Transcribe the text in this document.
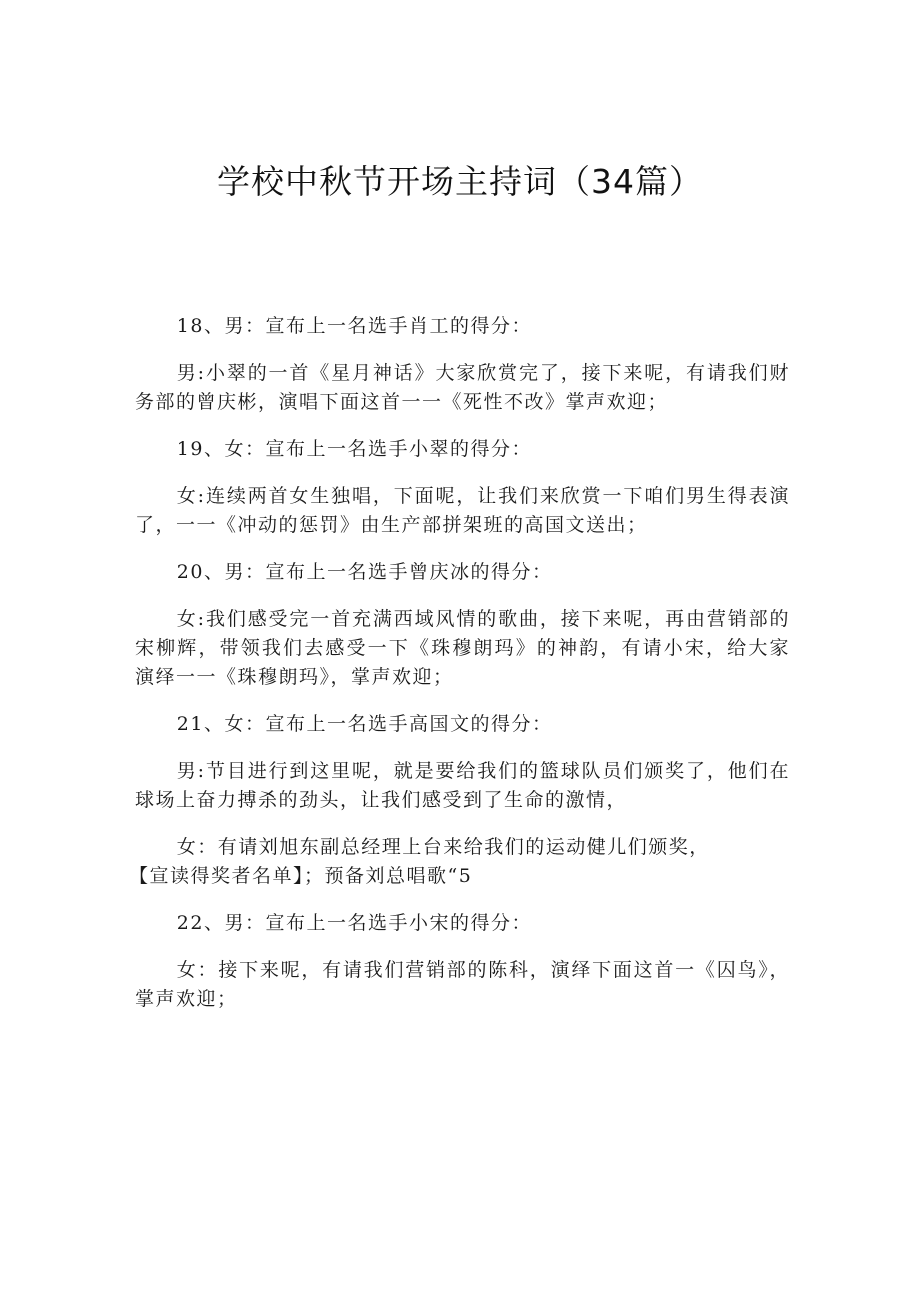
学校中秋节开场主持词（34篇）

18、男：宣布上一名选手肖工的得分：

男:小翠的一首《星月神话》大家欣赏完了，接下来呢，有请我们财务部的曾庆彬，演唱下面这首一一《死性不改》掌声欢迎；

19、女：宣布上一名选手小翠的得分：

女:连续两首女生独唱，下面呢，让我们来欣赏一下咱们男生得表演了，一一《冲动的惩罚》由生产部拼架班的高国文送出；

20、男：宣布上一名选手曾庆冰的得分：

女:我们感受完一首充满西域风情的歌曲，接下来呢，再由营销部的宋柳辉，带领我们去感受一下《珠穆朗玛》的神韵，有请小宋，给大家演绎一一《珠穆朗玛》，掌声欢迎；

21、女：宣布上一名选手高国文的得分：

男:节目进行到这里呢，就是要给我们的篮球队员们颁奖了，他们在球场上奋力搏杀的劲头，让我们感受到了生命的激情，

女：有请刘旭东副总经理上台来给我们的运动健儿们颁奖，

【宣读得奖者名单】；预备刘总唱歌“5

22、男：宣布上一名选手小宋的得分：

女：接下来呢，有请我们营销部的陈科，演绎下面这首一《囚鸟》，掌声欢迎；
